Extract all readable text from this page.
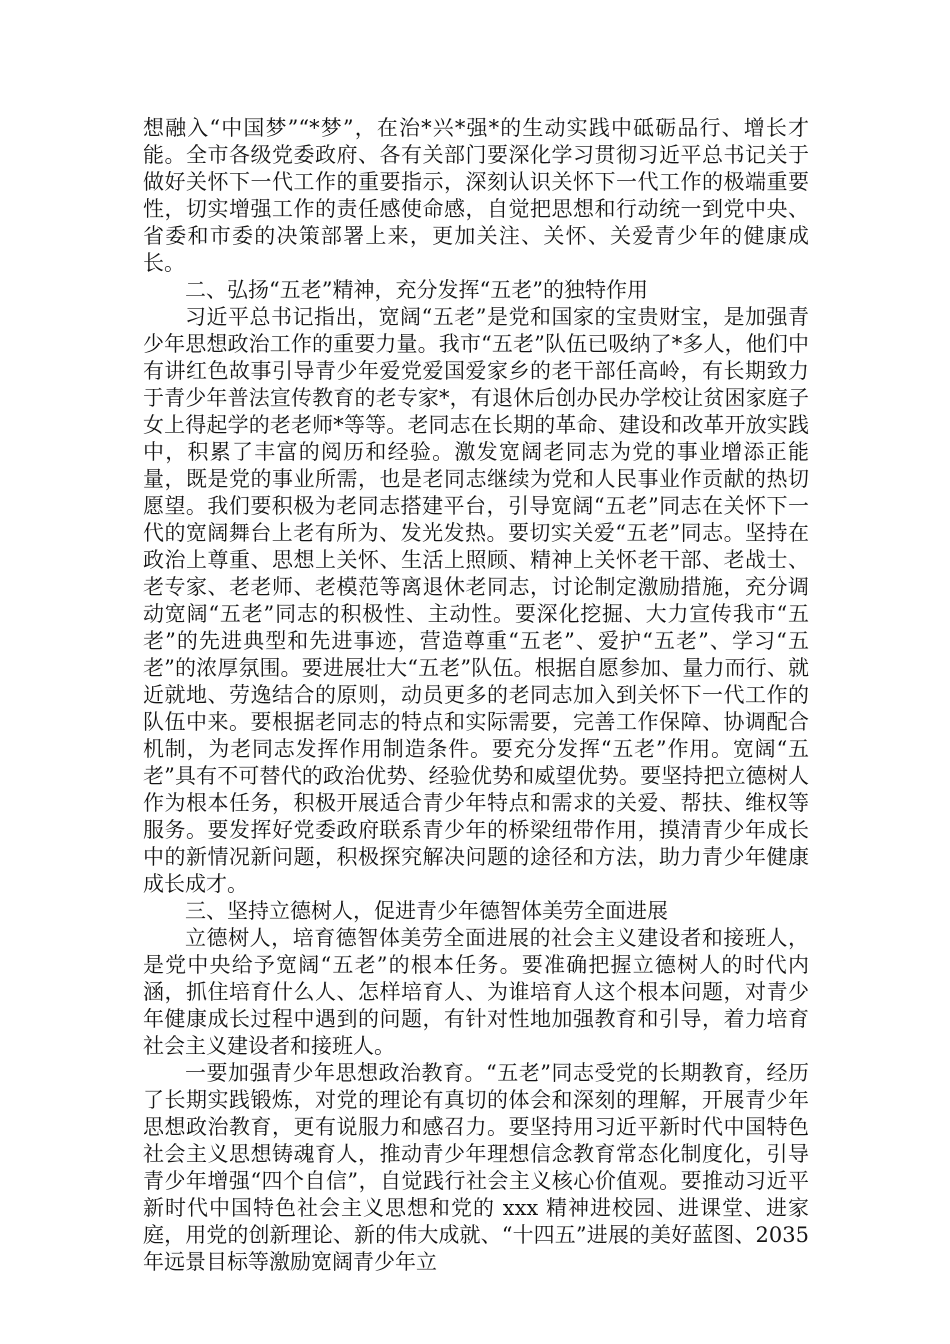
想融入“中国梦”“*梦”，在治*兴*强*的生动实践中砥砺品行、增长才能。全市各级党委政府、各有关部门要深化学习贯彻习近平总书记关于做好关怀下一代工作的重要指示，深刻认识关怀下一代工作的极端重要性，切实增强工作的责任感使命感，自觉把思想和行动统一到党中央、省委和市委的决策部署上来，更加关注、关怀、关爱青少年的健康成长。

二、弘扬“五老”精神，充分发挥“五老”的独特作用

习近平总书记指出，宽阔“五老”是党和国家的宝贵财宝，是加强青少年思想政治工作的重要力量。我市“五老”队伍已吸纳了*多人，他们中有讲红色故事引导青少年爱党爱国爱家乡的老干部任高岭，有长期致力于青少年普法宣传教育的老专家*，有退休后创办民办学校让贫困家庭子女上得起学的老老师*等等。老同志在长期的革命、建设和改革开放实践中，积累了丰富的阅历和经验。激发宽阔老同志为党的事业增添正能量，既是党的事业所需，也是老同志继续为党和人民事业作贡献的热切愿望。我们要积极为老同志搭建平台，引导宽阔“五老”同志在关怀下一代的宽阔舞台上老有所为、发光发热。要切实关爱“五老”同志。坚持在政治上尊重、思想上关怀、生活上照顾、精神上关怀老干部、老战士、老专家、老老师、老模范等离退休老同志，讨论制定激励措施，充分调动宽阔“五老”同志的积极性、主动性。要深化挖掘、大力宣传我市“五老”的先进典型和先进事迹，营造尊重“五老”、爱护“五老”、学习“五老”的浓厚氛围。要进展壮大“五老”队伍。根据自愿参加、量力而行、就近就地、劳逸结合的原则，动员更多的老同志加入到关怀下一代工作的队伍中来。要根据老同志的特点和实际需要，完善工作保障、协调配合机制，为老同志发挥作用制造条件。要充分发挥“五老”作用。宽阔“五老”具有不可替代的政治优势、经验优势和威望优势。要坚持把立德树人作为根本任务，积极开展适合青少年特点和需求的关爱、帮扶、维权等服务。要发挥好党委政府联系青少年的桥梁纽带作用，摸清青少年成长中的新情况新问题，积极探究解决问题的途径和方法，助力青少年健康成长成才。

三、坚持立德树人，促进青少年德智体美劳全面进展

立德树人，培育德智体美劳全面进展的社会主义建设者和接班人，是党中央给予宽阔“五老”的根本任务。要准确把握立德树人的时代内涵，抓住培育什么人、怎样培育人、为谁培育人这个根本问题，对青少年健康成长过程中遇到的问题，有针对性地加强教育和引导，着力培育社会主义建设者和接班人。

一要加强青少年思想政治教育。“五老”同志受党的长期教育，经历了长期实践锻炼，对党的理论有真切的体会和深刻的理解，开展青少年思想政治教育，更有说服力和感召力。要坚持用习近平新时代中国特色社会主义思想铸魂育人，推动青少年理想信念教育常态化制度化，引导青少年增强“四个自信”，自觉践行社会主义核心价值观。要推动习近平新时代中国特色社会主义思想和党的 xxx 精神进校园、进课堂、进家庭，用党的创新理论、新的伟大成就、“十四五”进展的美好蓝图、2035 年远景目标等激励宽阔青少年立
